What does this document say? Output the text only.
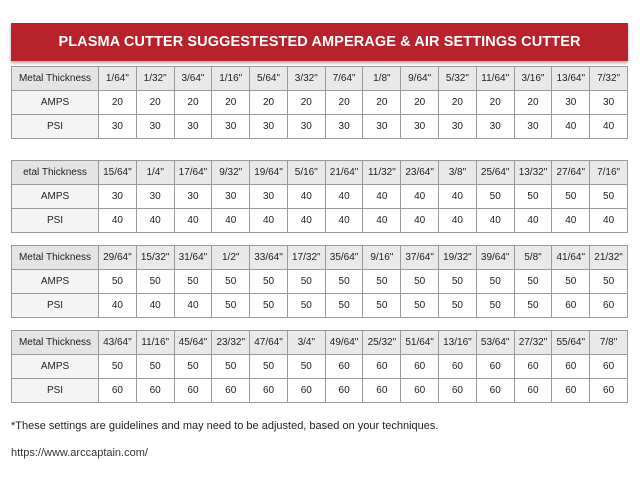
PLASMA CUTTER SUGGESTESTED AMPERAGE & AIR SETTINGS CUTTER
Metal Thickness	1/64"	1/32"	3/64"	1/16"	5/64"	3/32"	7/64"	1/8"	9/64"	5/32"	11/64"	3/16"	13/64"	7/32"
AMPS	20	20	20	20	20	20	20	20	20	20	20	20	30	30
PSI	30	30	30	30	30	30	30	30	30	30	30	30	40	40
etal Thickness	15/64"	1/4"	17/64"	9/32"	19/64"	5/16"	21/64"	11/32"	23/64"	3/8"	25/64"	13/32"	27/64"	7/16"
AMPS	30	30	30	30	30	40	40	40	40	40	50	50	50	50
PSI	40	40	40	40	40	40	40	40	40	40	40	40	40	40
Metal Thickness	29/64"	15/32"	31/64"	1/2"	33/64"	17/32"	35/64"	9/16"	37/64"	19/32"	39/64"	5/8"	41/64"	21/32"
AMPS	50	50	50	50	50	50	50	50	50	50	50	50	50	50
PSI	40	40	40	50	50	50	50	50	50	50	50	50	60	60
Metal Thickness	43/64"	11/16"	45/64"	23/32"	47/64"	3/4"	49/64"	25/32"	51/64"	13/16"	53/64"	27/32"	55/64"	7/8"
AMPS	50	50	50	50	50	50	60	60	60	60	60	60	60	60
PSI	60	60	60	60	60	60	60	60	60	60	60	60	60	60
*These settings are guidelines and may need to be adjusted, based on your techniques.
https://www.arccaptain.com/
